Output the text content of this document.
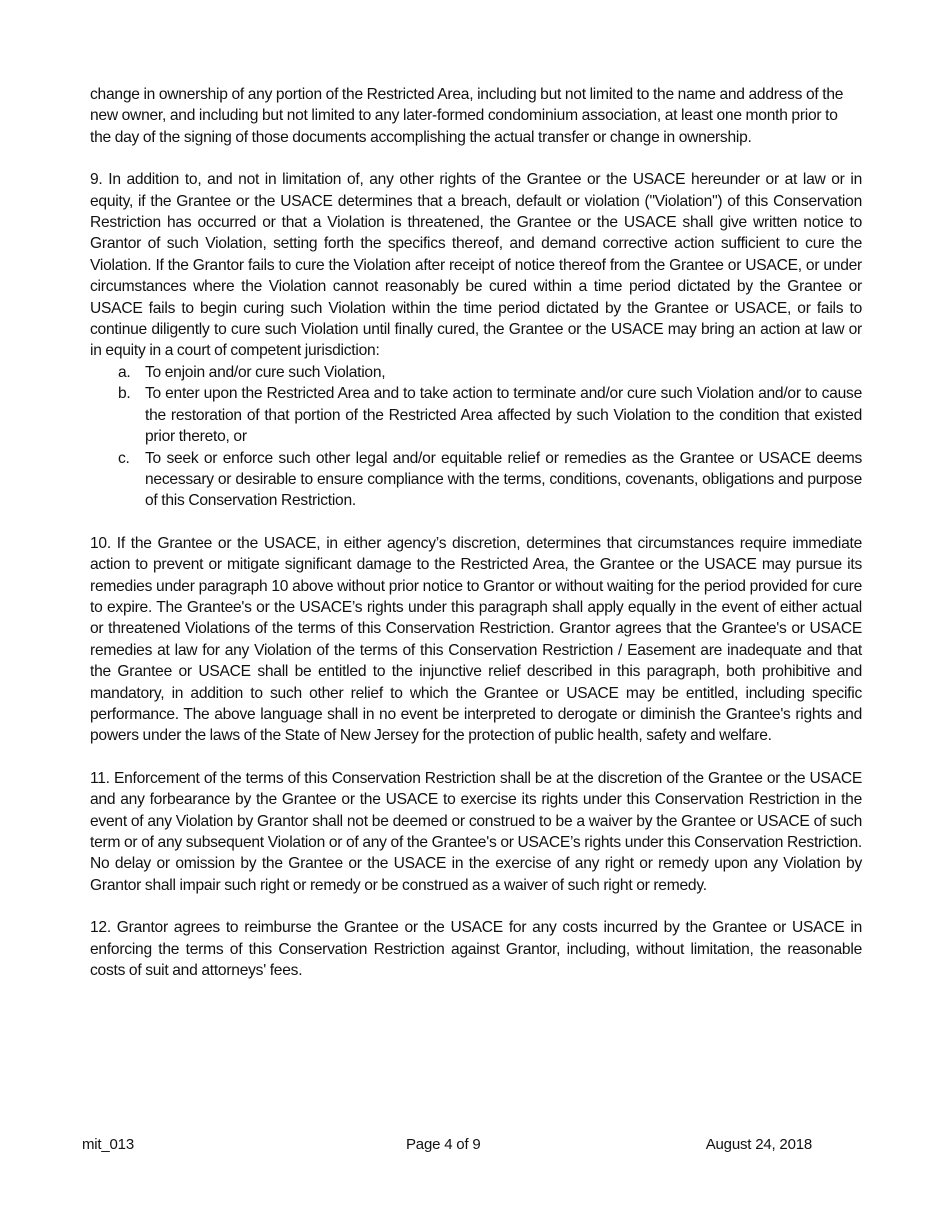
change in ownership of any portion of the Restricted Area, including but not limited to the name and address of the new owner, and including but not limited to any later-formed condominium association, at least one month prior to the day of the signing of those documents accomplishing the actual transfer or change in ownership.

9. In addition to, and not in limitation of, any other rights of the Grantee or the USACE hereunder or at law or in equity, if the Grantee or the USACE determines that a breach, default or violation ("Violation") of this Conservation Restriction has occurred or that a Violation is threatened, the Grantee or the USACE shall give written notice to Grantor of such Violation, setting forth the specifics thereof, and demand corrective action sufficient to cure the Violation. If the Grantor fails to cure the Violation after receipt of notice thereof from the Grantee or USACE, or under circumstances where the Violation cannot reasonably be cured within a time period dictated by the Grantee or USACE fails to begin curing such Violation within the time period dictated by the Grantee or USACE, or fails to continue diligently to cure such Violation until finally cured, the Grantee or the USACE may bring an action at law or in equity in a court of competent jurisdiction:

a. To enjoin and/or cure such Violation,
b. To enter upon the Restricted Area and to take action to terminate and/or cure such Violation and/or to cause the restoration of that portion of the Restricted Area affected by such Violation to the condition that existed prior thereto, or
c. To seek or enforce such other legal and/or equitable relief or remedies as the Grantee or USACE deems necessary or desirable to ensure compliance with the terms, conditions, covenants, obligations and purpose of this Conservation Restriction.

10. If the Grantee or the USACE, in either agency’s discretion, determines that circumstances require immediate action to prevent or mitigate significant damage to the Restricted Area, the Grantee or the USACE may pursue its remedies under paragraph 10 above without prior notice to Grantor or without waiting for the period provided for cure to expire. The Grantee's or the USACE’s rights under this paragraph shall apply equally in the event of either actual or threatened Violations of the terms of this Conservation Restriction. Grantor agrees that the Grantee's or USACE remedies at law for any Violation of the terms of this Conservation Restriction / Easement are inadequate and that the Grantee or USACE shall be entitled to the injunctive relief described in this paragraph, both prohibitive and mandatory, in addition to such other relief to which the Grantee or USACE may be entitled, including specific performance. The above language shall in no event be interpreted to derogate or diminish the Grantee's rights and powers under the laws of the State of New Jersey for the protection of public health, safety and welfare.

11. Enforcement of the terms of this Conservation Restriction shall be at the discretion of the Grantee or the USACE and any forbearance by the Grantee or the USACE to exercise its rights under this Conservation Restriction in the event of any Violation by Grantor shall not be deemed or construed to be a waiver by the Grantee or USACE of such term or of any subsequent Violation or of any of the Grantee's or USACE’s rights under this Conservation Restriction. No delay or omission by the Grantee or the USACE in the exercise of any right or remedy upon any Violation by Grantor shall impair such right or remedy or be construed as a waiver of such right or remedy.

12. Grantor agrees to reimburse the Grantee or the USACE for any costs incurred by the Grantee or USACE in enforcing the terms of this Conservation Restriction against Grantor, including, without limitation, the reasonable costs of suit and attorneys' fees.

mit_013	Page 4 of 9	August 24, 2018
